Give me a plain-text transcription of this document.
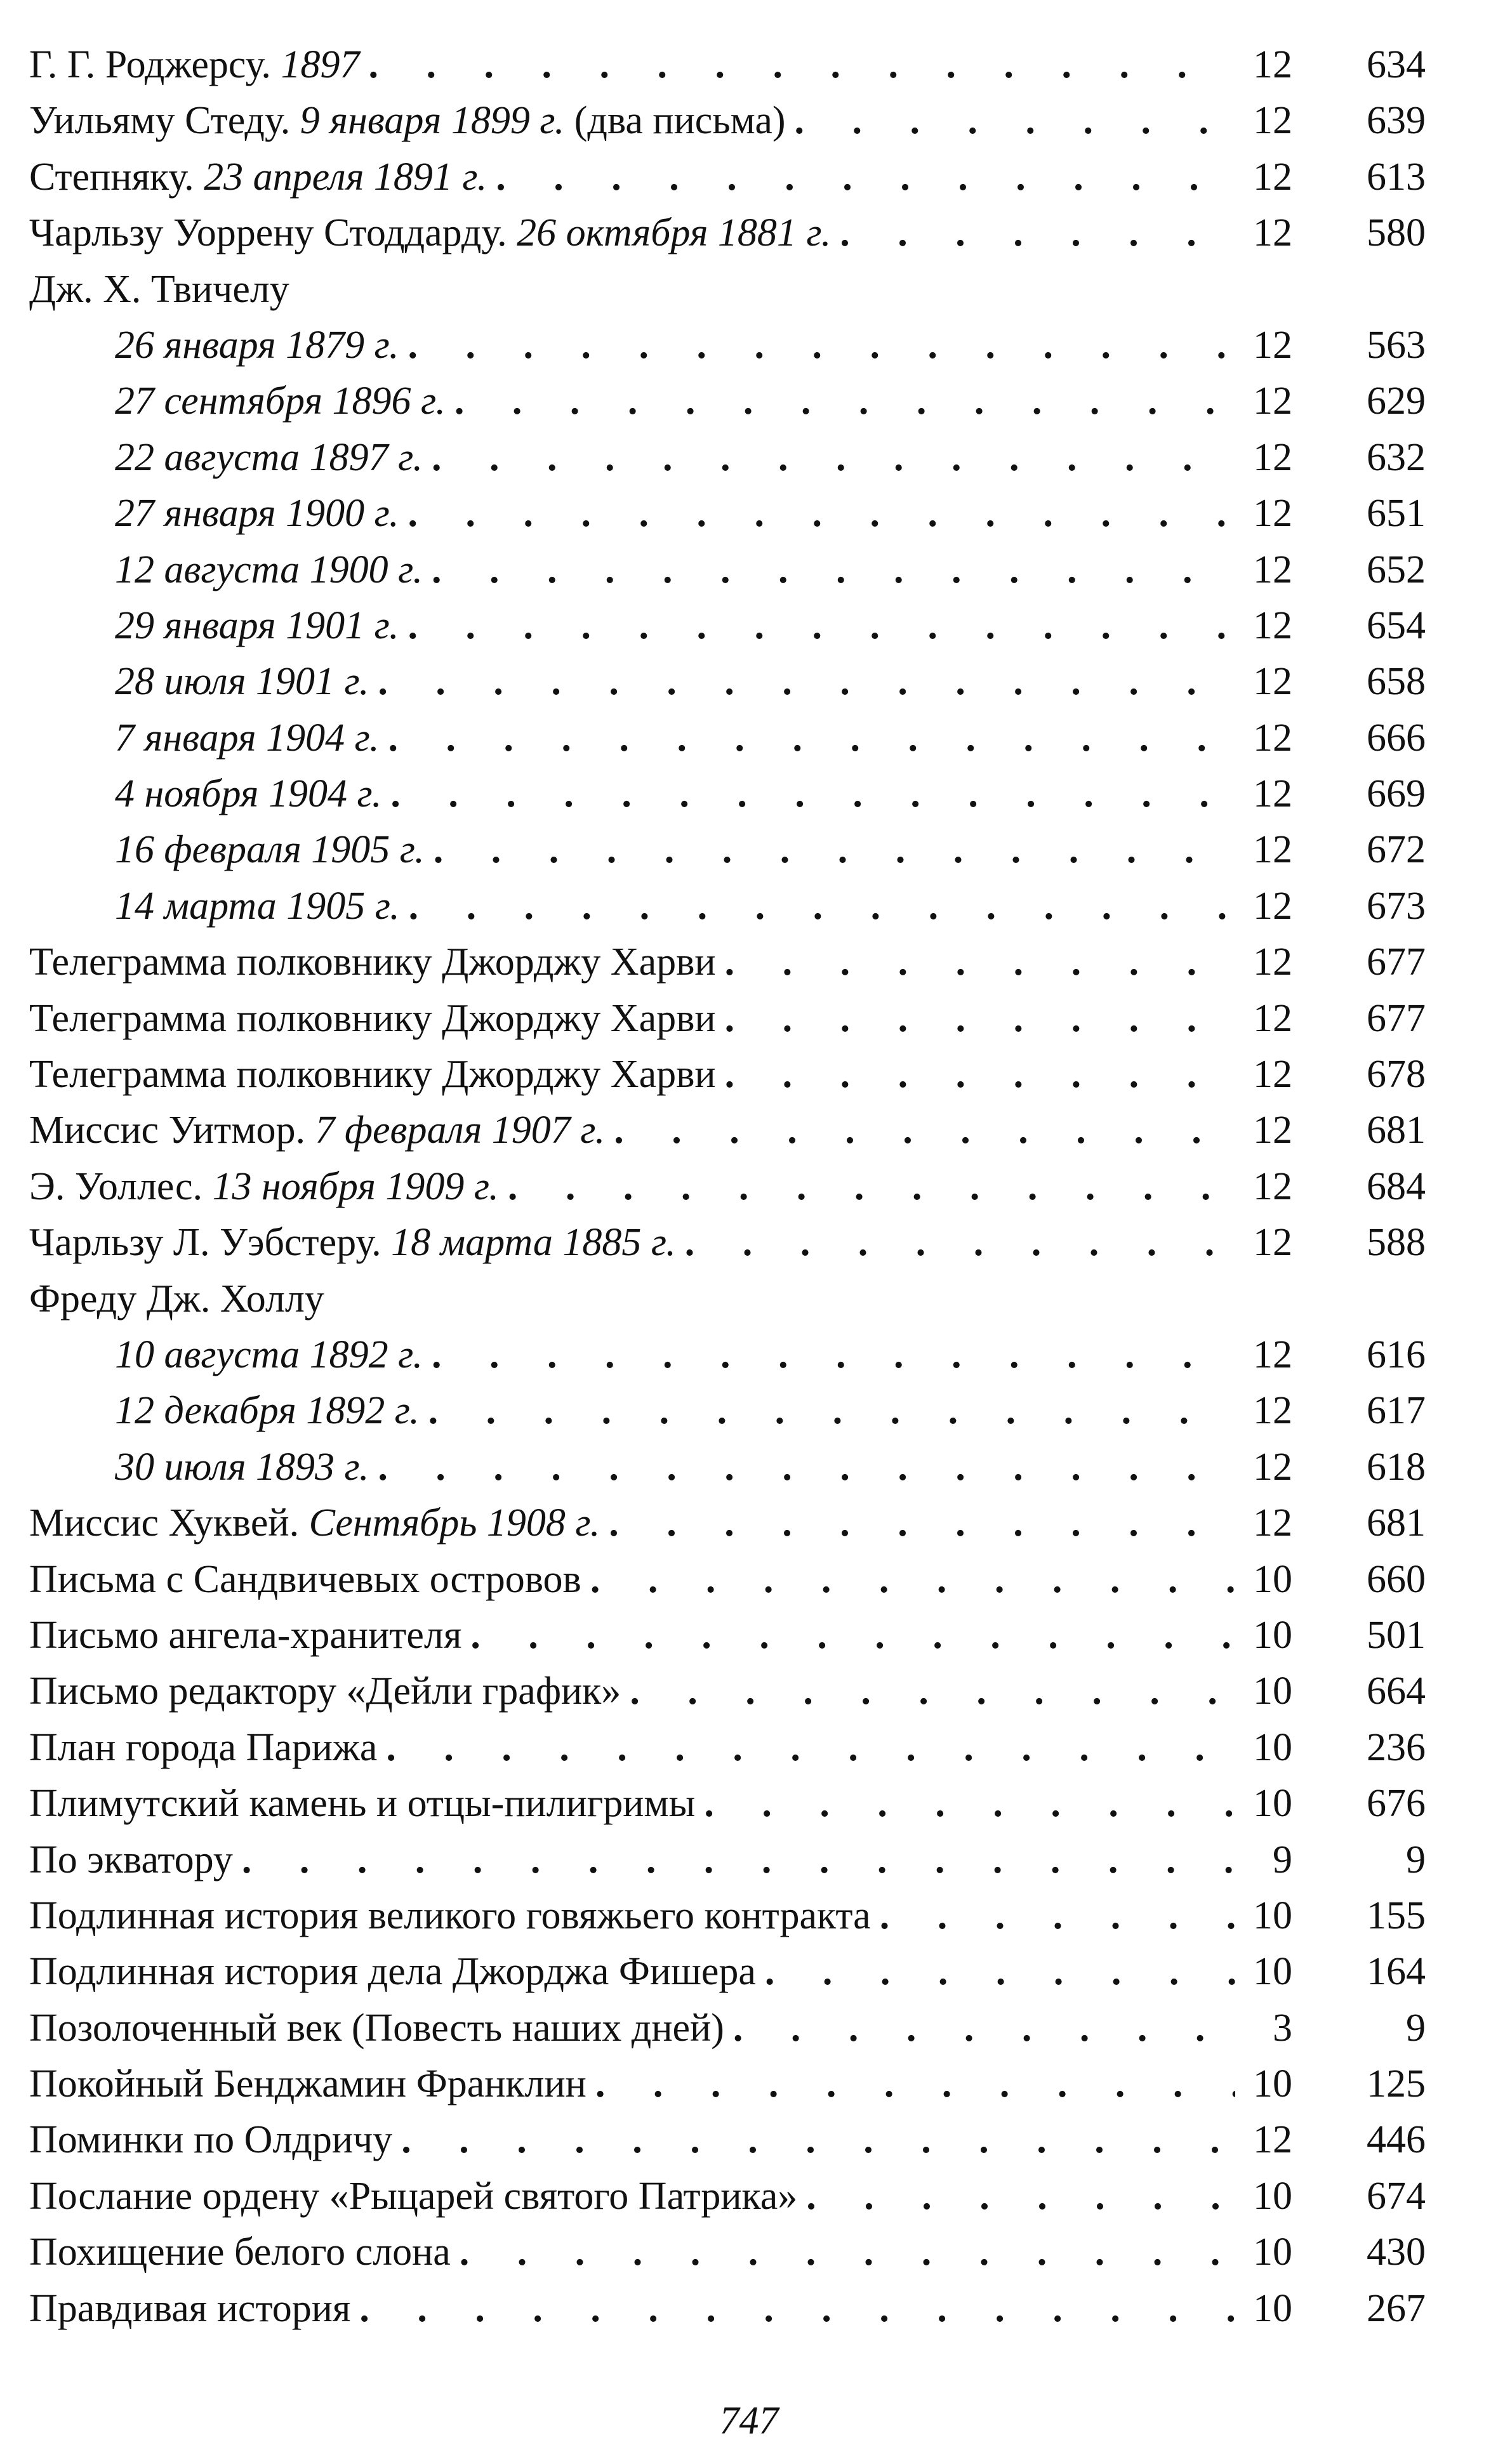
Г. Г. Роджерсу. 1897 . . .	12	634
Уильяму Стеду. 9 января 1899 г. (два письма) . . .	12	639
Степняку. 23 апреля 1891 г. . . .	12	613
Чарльзу Уоррену Стоддарду. 26 октября 1881 г. . . .	12	580
Дж. X. Твичелу
26 января 1879 г. . . .	12	563
27 сентября 1896 г. . . .	12	629
22 августа 1897 г. . . .	12	632
27 января 1900 г. . . .	12	651
12 августа 1900 г. . . .	12	652
29 января 1901 г. . . .	12	654
28 июля 1901 г. . . .	12	658
7 января 1904 г. . . .	12	666
4 ноября 1904 г. . . .	12	669
16 февраля 1905 г. . . .	12	672
14 марта 1905 г. . . .	12	673
Телеграмма полковнику Джорджу Харви . . .	12	677
Телеграмма полковнику Джорджу Харви . . .	12	677
Телеграмма полковнику Джорджу Харви . . .	12	678
Миссис Уитмор. 7 февраля 1907 г. . . .	12	681
Э. Уоллес. 13 ноября 1909 г. . . .	12	684
Чарльзу Л. Уэбстеру. 18 марта 1885 г. . . .	12	588
Фреду Дж. Холлу
10 августа 1892 г. . . .	12	616
12 декабря 1892 г. . . .	12	617
30 июля 1893 г. . . .	12	618
Миссис Хуквей. Сентябрь 1908 г. . . .	12	681
Письма с Сандвичевых островов . . .	10	660
Письмо ангела-хранителя . . .	10	501
Письмо редактору «Дейли график» . . .	10	664
План города Парижа . . .	10	236
Плимутский камень и отцы-пилигримы . . .	10	676
По экватору . . .	9	9
Подлинная история великого говяжьего контракта . . .	10	155
Подлинная история дела Джорджа Фишера . . .	10	164
Позолоченный век (Повесть наших дней) . . .	3	9
Покойный Бенджамин Франклин . . .	10	125
Поминки по Олдричу . . .	12	446
Послание ордену «Рыцарей святого Патрика» . . .	10	674
Похищение белого слона . . .	10	430
Правдивая история . . .	10	267
747
